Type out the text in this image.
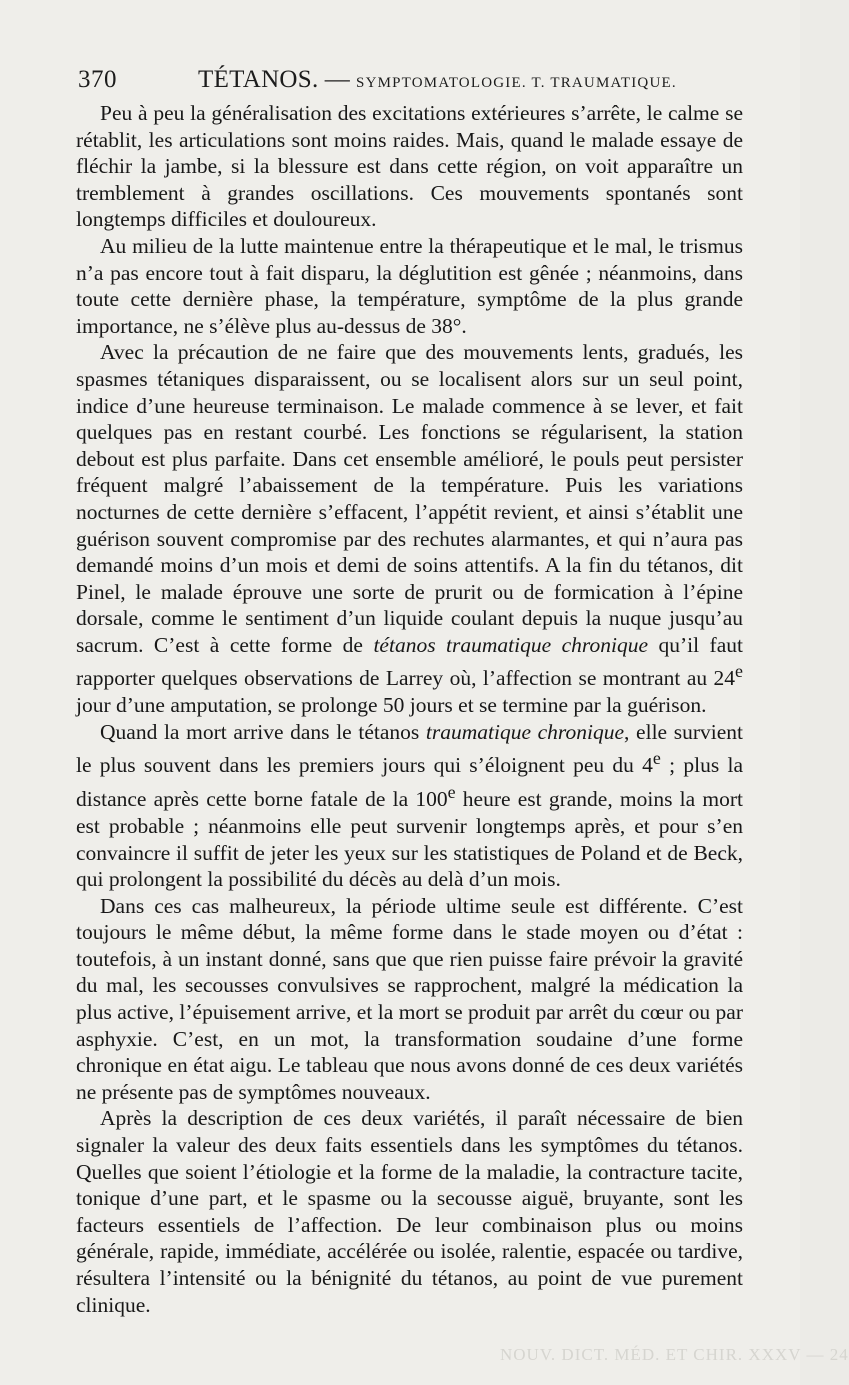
370	TÉTANOS. — SYMPTOMATOLOGIE. T. TRAUMATIQUE.

Peu à peu la généralisation des excitations extérieures s’arrête, le calme se rétablit, les articulations sont moins raides. Mais, quand le malade essaye de fléchir la jambe, si la blessure est dans cette région, on voit apparaître un tremblement à grandes oscillations. Ces mouvements spontanés sont longtemps difficiles et douloureux.

Au milieu de la lutte maintenue entre la thérapeutique et le mal, le trismus n’a pas encore tout à fait disparu, la déglutition est gênée ; néanmoins, dans toute cette dernière phase, la température, symptôme de la plus grande importance, ne s’élève plus au-dessus de 38°.

Avec la précaution de ne faire que des mouvements lents, gradués, les spasmes tétaniques disparaissent, ou se localisent alors sur un seul point, indice d’une heureuse terminaison. Le malade commence à se lever, et fait quelques pas en restant courbé. Les fonctions se régularisent, la station debout est plus parfaite. Dans cet ensemble amélioré, le pouls peut persister fréquent malgré l’abaissement de la température. Puis les variations nocturnes de cette dernière s’effacent, l’appétit revient, et ainsi s’établit une guérison souvent compromise par des rechutes alarmantes, et qui n’aura pas demandé moins d’un mois et demi de soins attentifs. A la fin du tétanos, dit Pinel, le malade éprouve une sorte de prurit ou de formication à l’épine dorsale, comme le sentiment d’un liquide coulant depuis la nuque jusqu’au sacrum. C’est à cette forme de tétanos traumatique chronique qu’il faut rapporter quelques observations de Larrey où, l’affection se montrant au 24e jour d’une amputation, se prolonge 50 jours et se termine par la guérison.

Quand la mort arrive dans le tétanos traumatique chronique, elle survient le plus souvent dans les premiers jours qui s’éloignent peu du 4e ; plus la distance après cette borne fatale de la 100e heure est grande, moins la mort est probable ; néanmoins elle peut survenir longtemps après, et pour s’en convaincre il suffit de jeter les yeux sur les statistiques de Poland et de Beck, qui prolongent la possibilité du décès au delà d’un mois.

Dans ces cas malheureux, la période ultime seule est différente. C’est toujours le même début, la même forme dans le stade moyen ou d’état : toutefois, à un instant donné, sans que que rien puisse faire prévoir la gravité du mal, les secousses convulsives se rapprochent, malgré la médication la plus active, l’épuisement arrive, et la mort se produit par arrêt du cœur ou par asphyxie. C’est, en un mot, la transformation soudaine d’une forme chronique en état aigu. Le tableau que nous avons donné de ces deux variétés ne présente pas de symptômes nouveaux.

Après la description de ces deux variétés, il paraît nécessaire de bien signaler la valeur des deux faits essentiels dans les symptômes du tétanos. Quelles que soient l’étiologie et la forme de la maladie, la contracture tacite, tonique d’une part, et le spasme ou la secousse aiguë, bruyante, sont les facteurs essentiels de l’affection. De leur combinaison plus ou moins générale, rapide, immédiate, accélérée ou isolée, ralentie, espacée ou tardive, résultera l’intensité ou la bénignité du tétanos, au point de vue purement clinique.

NOUV. DICT. MÉD. ET CHIR. XXXV — 24
